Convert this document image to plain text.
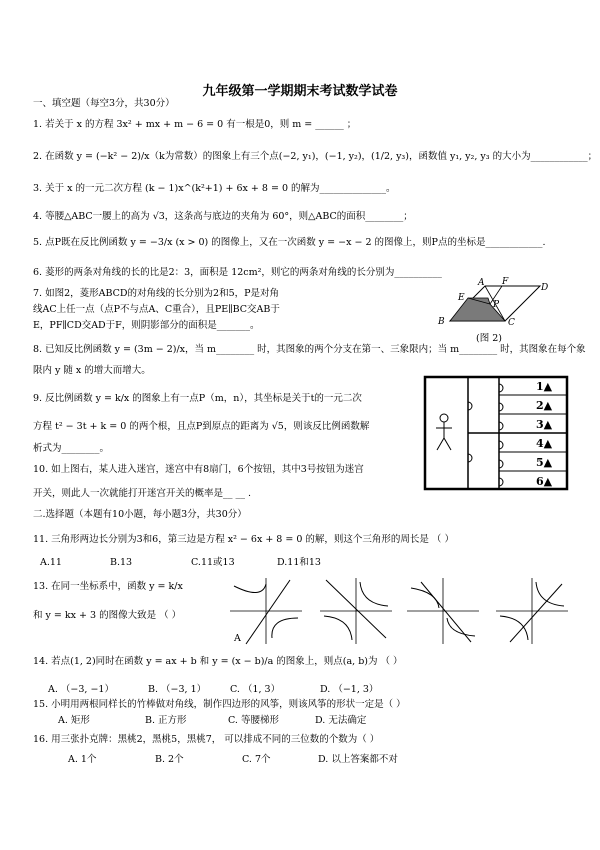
九年级第一学期期末考试数学试卷
一、填空题（每空3分，共30分）
1. 若关于 x 的方程 3x² + mx + m − 6 = 0 有一根是0，则 m = ______ ；
2. 在函数 y = (−k² − 2)/x（k为常数）的图象上有三个点(−2, y₁)，(−1, y₂)，(1/2, y₃)，函数值 y₁, y₂, y₃ 的大小为____________；
3. 关于 x 的一元二次方程 (k − 1)x^(k²+1) + 6x + 8 = 0 的解为______________。
4. 等腰△ABC一腰上的高为 √3，这条高与底边的夹角为 60°，则△ABC的面积________；
5. 点P既在反比例函数 y = −3/x (x > 0) 的图像上，又在一次函数 y = −x − 2 的图像上，则P点的坐标是____________.
6. 菱形的两条对角线的长的比是2：3，面积是 12cm²，则它的两条对角线的长分别为__________
7. 如图2，菱形ABCD的对角线的长分别为2和5，P是对角
线AC上任一点（点P不与点A、C重合），且PE∥BC交AB于
E，PF∥CD交AD于F，则阴影部分的面积是_______。
A F
D
E
P
B	C
(图 2)
8. 已知反比例函数 y = (3m − 2)/x，当 m________ 时，其图象的两个分支在第一、三象限内；当 m________ 时，其图象在每个象
限内 y 随 x 的增大而增大。
9. 反比例函数 y = k/x 的图象上有一点P（m，n），其坐标是关于t的一元二次
方程 t² − 3t + k = 0 的两个根，且点P到原点的距离为 √5，则该反比例函数解
析式为________。
1▲
2▲
3▲
4▲
5▲
6▲
10. 如上图右，某人进入迷宫，迷宫中有8扇门，6个按钮，其中3号按钮为迷宫
开关，则此人一次就能打开迷宫开关的概率是__ __ .
二.选择题（本题有10小题，每小题3分，共30分）
11. 三角形两边长分别为3和6，第三边是方程 x² − 6x + 8 = 0 的解，则这个三角形的周长是 （ ）
A.11	B.13	C.11或13	D.11和13
13. 在同一坐标系中，函数 y = k/x
和 y = kx + 3 的图像大致是 （ ）
A
14. 若点(1, 2)同时在函数 y = ax + b 和 y = (x − b)/a 的图象上，则点(a, b)为 （ ）
A. （−3, −1）	B. （−3, 1）	C. （1, 3）	D. （−1, 3）
15. 小明用两根同样长的竹棒做对角线，制作四边形的风筝，则该风筝的形状一定是（ ）
A. 矩形	B. 正方形	C. 等腰梯形	D. 无法确定
16. 用三张扑克牌：黑桃2，黑桃5，黑桃7， 可以排成不同的三位数的个数为（ ）
A. 1个	B. 2个	C. 7个	D. 以上答案都不对
